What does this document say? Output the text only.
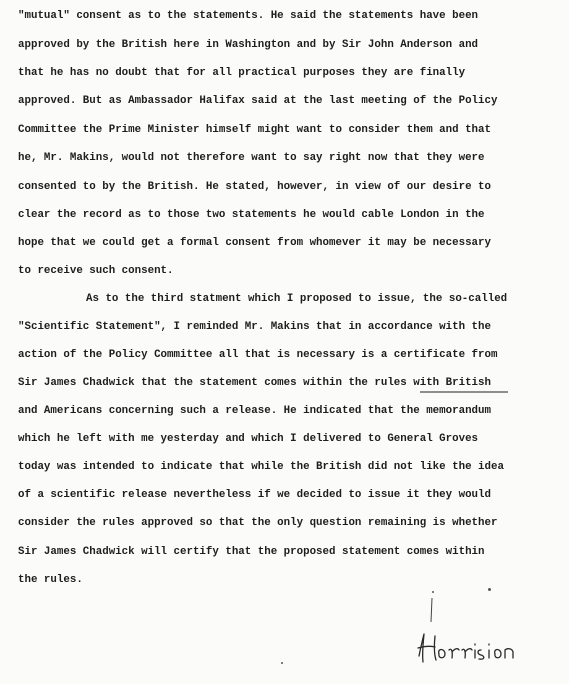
"mutual" consent as to the statements. He said the statements have been
approved by the British here in Washington and by Sir John Anderson and
that he has no doubt that for all practical purposes they are finally
approved. But as Ambassador Halifax said at the last meeting of the Policy
Committee the Prime Minister himself might want to consider them and that
he, Mr. Makins, would not therefore want to say right now that they were
consented to by the British. He stated, however, in view of our desire to
clear the record as to those two statements he would cable London in the
hope that we could get a formal consent from whomever it may be necessary
to receive such consent.
As to the third statment which I proposed to issue, the so-called
"Scientific Statement", I reminded Mr. Makins that in accordance with the
action of the Policy Committee all that is necessary is a certificate from
Sir James Chadwick that the statement comes within the rules with British
and Americans concerning such a release. He indicated that the memorandum
which he left with me yesterday and which I delivered to General Groves
today was intended to indicate that while the British did not like the idea
of a scientific release nevertheless if we decided to issue it they would
consider the rules approved so that the only question remaining is whether
Sir James Chadwick will certify that the proposed statement comes within
the rules.
